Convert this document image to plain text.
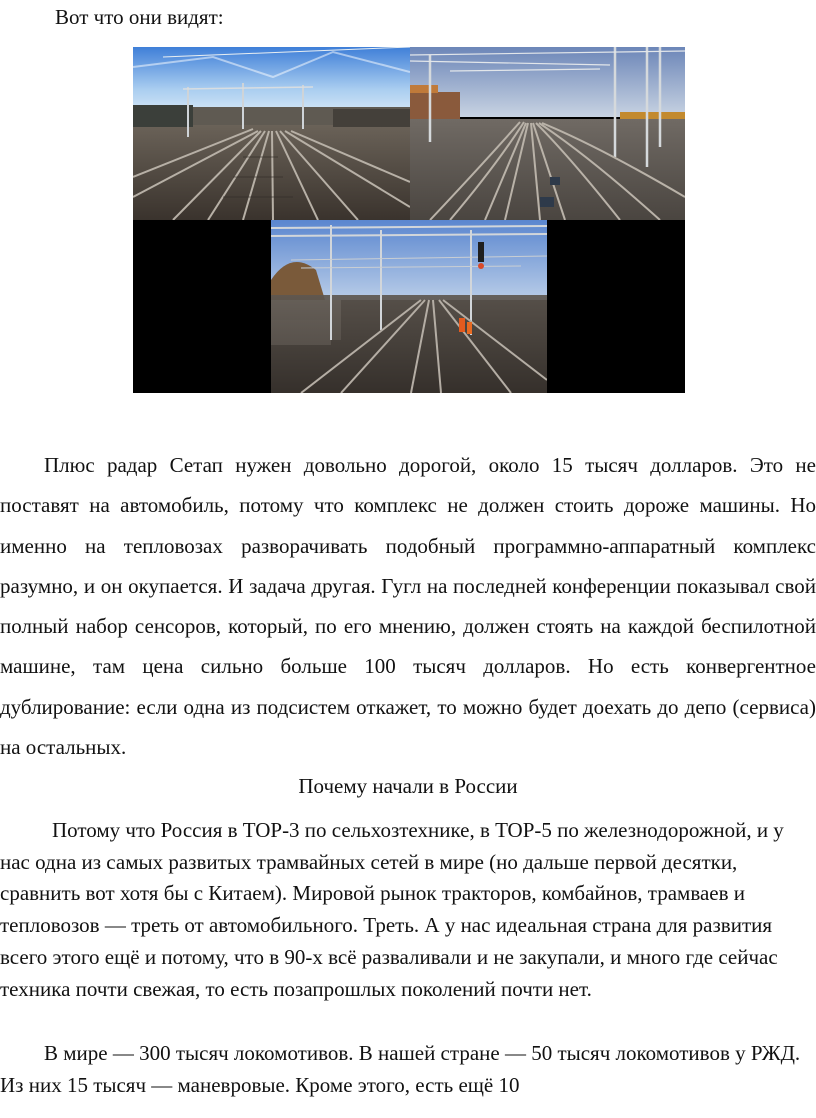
Вот что они видят:

Плюс радар Сетап нужен довольно дорогой, около 15 тысяч долларов. Это не поставят на автомобиль, потому что комплекс не должен стоить дороже машины. Но именно на тепловозах разворачивать подобный программно-аппаратный комплекс разумно, и он окупается. И задача другая. Гугл на последней конференции показывал свой полный набор сенсоров, который, по его мнению, должен стоять на каждой беспилотной машине, там цена сильно больше 100 тысяч долларов. Но есть конвергентное дублирование: если одна из подсистем откажет, то можно будет доехать до депо (сервиса) на остальных.

Почему начали в России

Потому что Россия в TOP-3 по сельхозтехнике, в TOP-5 по железнодорожной, и у нас одна из самых развитых трамвайных сетей в мире (но дальше первой десятки, сравнить вот хотя бы с Китаем). Мировой рынок тракторов, комбайнов, трамваев и тепловозов — треть от автомобильного. Треть. А у нас идеальная страна для развития всего этого ещё и потому, что в 90-х всё разваливали и не закупали, и много где сейчас техника почти свежая, то есть позапрошлых поколений почти нет.

В мире — 300 тысяч локомотивов. В нашей стране — 50 тысяч локомотивов у РЖД. Из них 15 тысяч — маневровые. Кроме этого, есть ещё 10
